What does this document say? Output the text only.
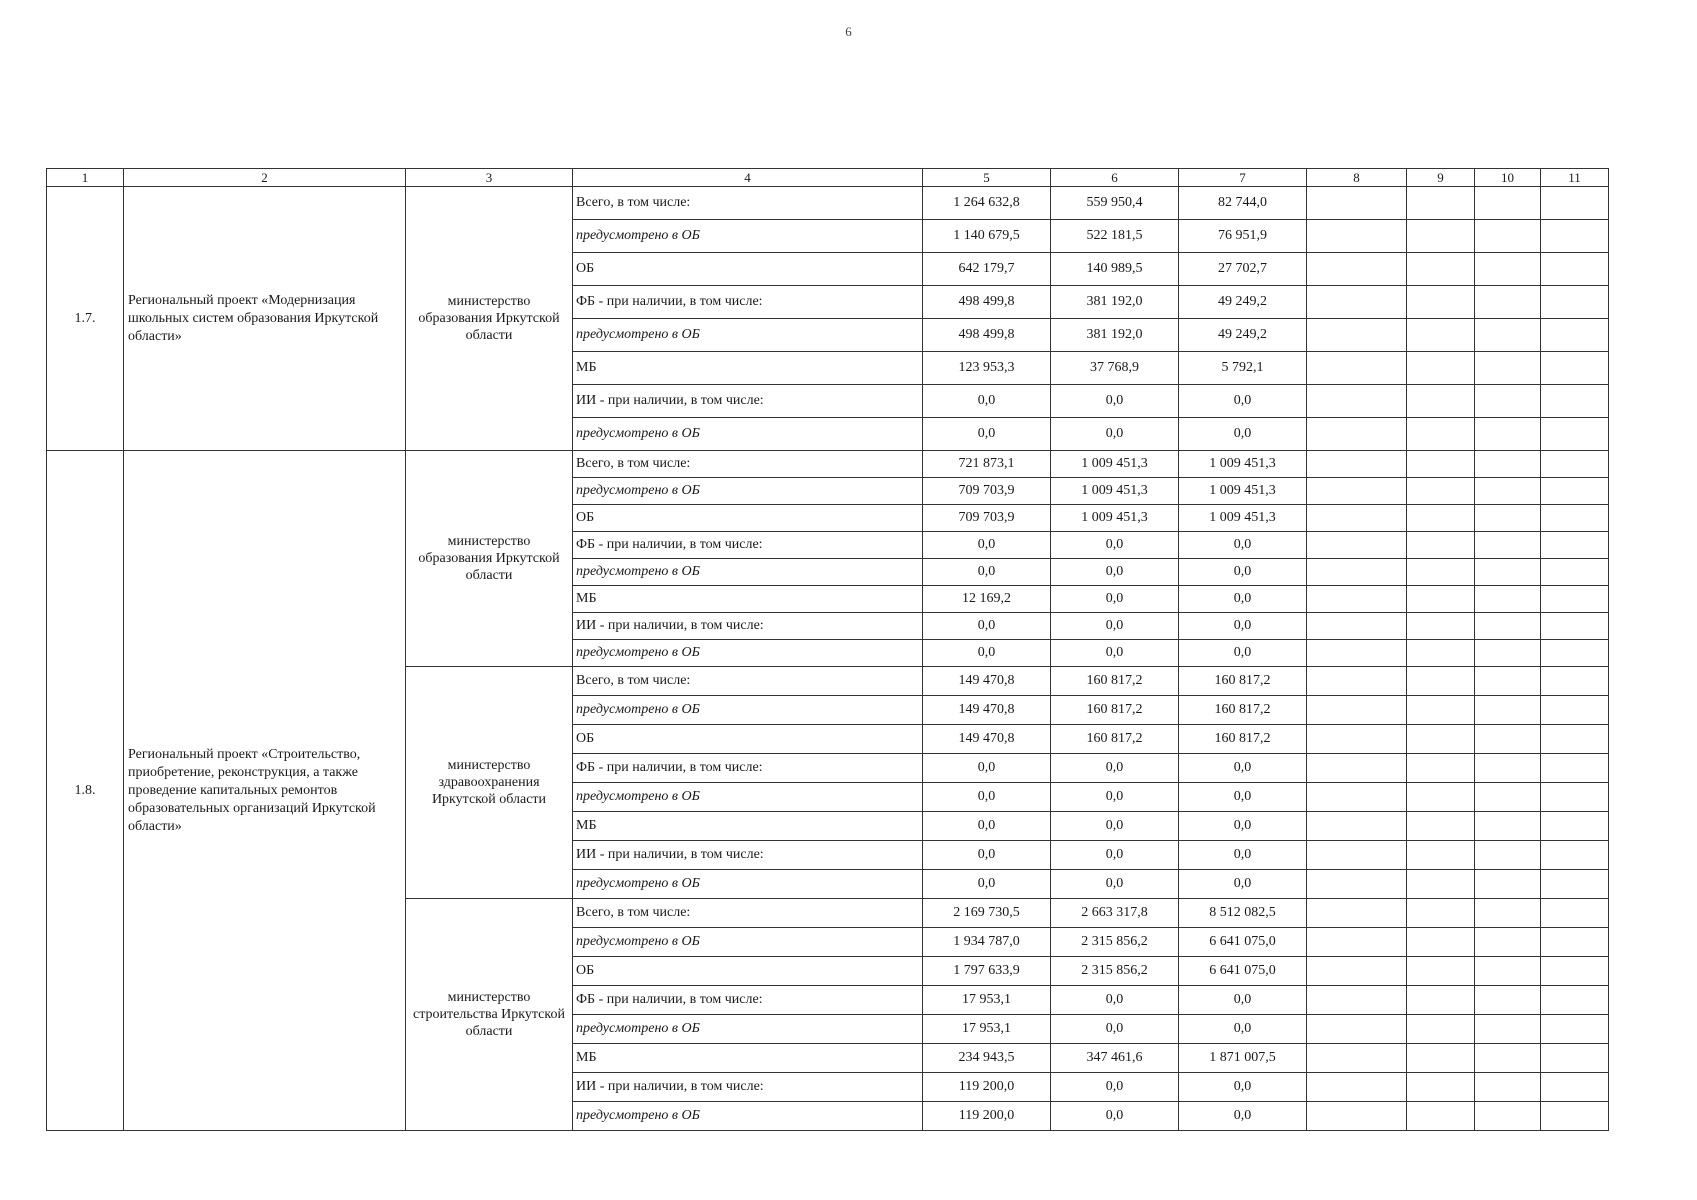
6
1	2	3	4	5	6	7	8	9	10	11
1.7.	Региональный проект «Модернизация школьных систем образования Иркутской области»	министерство образования Иркутской области	Всего, в том числе:	1 264 632,8	559 950,4	82 744,0				
			предусмотрено в ОБ	1 140 679,5	522 181,5	76 951,9				
			ОБ	642 179,7	140 989,5	27 702,7				
			ФБ - при наличии, в том числе:	498 499,8	381 192,0	49 249,2				
			предусмотрено в ОБ	498 499,8	381 192,0	49 249,2				
			МБ	123 953,3	37 768,9	5 792,1				
			ИИ - при наличии, в том числе:	0,0	0,0	0,0				
			предусмотрено в ОБ	0,0	0,0	0,0				
1.8.	Региональный проект «Строительство, приобретение, реконструкция, а также проведение капитальных ремонтов образовательных организаций Иркутской области»	министерство образования Иркутской области	Всего, в том числе:	721 873,1	1 009 451,3	1 009 451,3				
			предусмотрено в ОБ	709 703,9	1 009 451,3	1 009 451,3				
			ОБ	709 703,9	1 009 451,3	1 009 451,3				
			ФБ - при наличии, в том числе:	0,0	0,0	0,0				
			предусмотрено в ОБ	0,0	0,0	0,0				
			МБ	12 169,2	0,0	0,0				
			ИИ - при наличии, в том числе:	0,0	0,0	0,0				
			предусмотрено в ОБ	0,0	0,0	0,0				
		министерство здравоохранения Иркутской области	Всего, в том числе:	149 470,8	160 817,2	160 817,2				
			предусмотрено в ОБ	149 470,8	160 817,2	160 817,2				
			ОБ	149 470,8	160 817,2	160 817,2				
			ФБ - при наличии, в том числе:	0,0	0,0	0,0				
			предусмотрено в ОБ	0,0	0,0	0,0				
			МБ	0,0	0,0	0,0				
			ИИ - при наличии, в том числе:	0,0	0,0	0,0				
			предусмотрено в ОБ	0,0	0,0	0,0				
		министерство строительства Иркутской области	Всего, в том числе:	2 169 730,5	2 663 317,8	8 512 082,5				
			предусмотрено в ОБ	1 934 787,0	2 315 856,2	6 641 075,0				
			ОБ	1 797 633,9	2 315 856,2	6 641 075,0				
			ФБ - при наличии, в том числе:	17 953,1	0,0	0,0				
			предусмотрено в ОБ	17 953,1	0,0	0,0				
			МБ	234 943,5	347 461,6	1 871 007,5				
			ИИ - при наличии, в том числе:	119 200,0	0,0	0,0				
			предусмотрено в ОБ	119 200,0	0,0	0,0				
